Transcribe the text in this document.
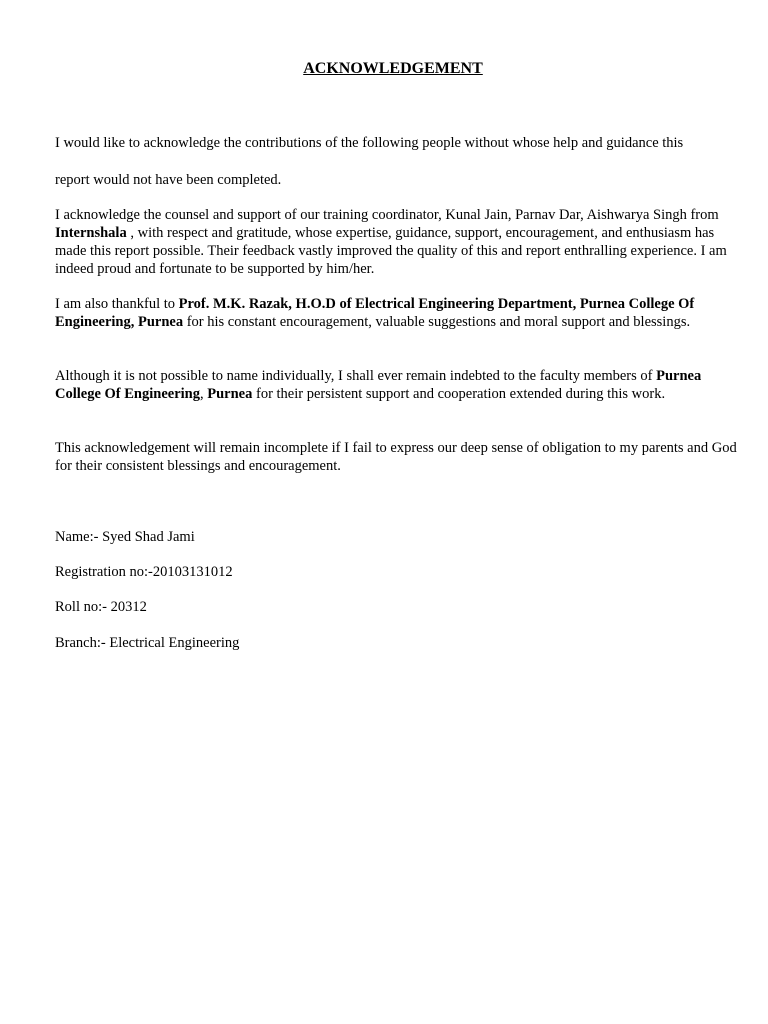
ACKNOWLEDGEMENT

I would like to acknowledge the contributions of the following people without whose help and guidance this

report would not have been completed.

I acknowledge the counsel and support of our training coordinator, Kunal Jain, Parnav Dar, Aishwarya Singh from Internshala , with respect and gratitude, whose expertise, guidance, support, encouragement, and enthusiasm has made this report possible. Their feedback vastly improved the quality of this and report enthralling experience. I am indeed proud and fortunate to be supported by him/her.

I am also thankful to Prof. M.K. Razak, H.O.D of Electrical Engineering Department, Purnea College Of Engineering, Purnea for his constant encouragement, valuable suggestions and moral support and blessings.

Although it is not possible to name individually, I shall ever remain indebted to the faculty members of Purnea College Of Engineering, Purnea for their persistent support and cooperation extended during this work.

This acknowledgement will remain incomplete if I fail to express our deep sense of obligation to my parents and God for their consistent blessings and encouragement.

Name:- Syed Shad Jami

Registration no:-20103131012

Roll no:- 20312

Branch:- Electrical Engineering
